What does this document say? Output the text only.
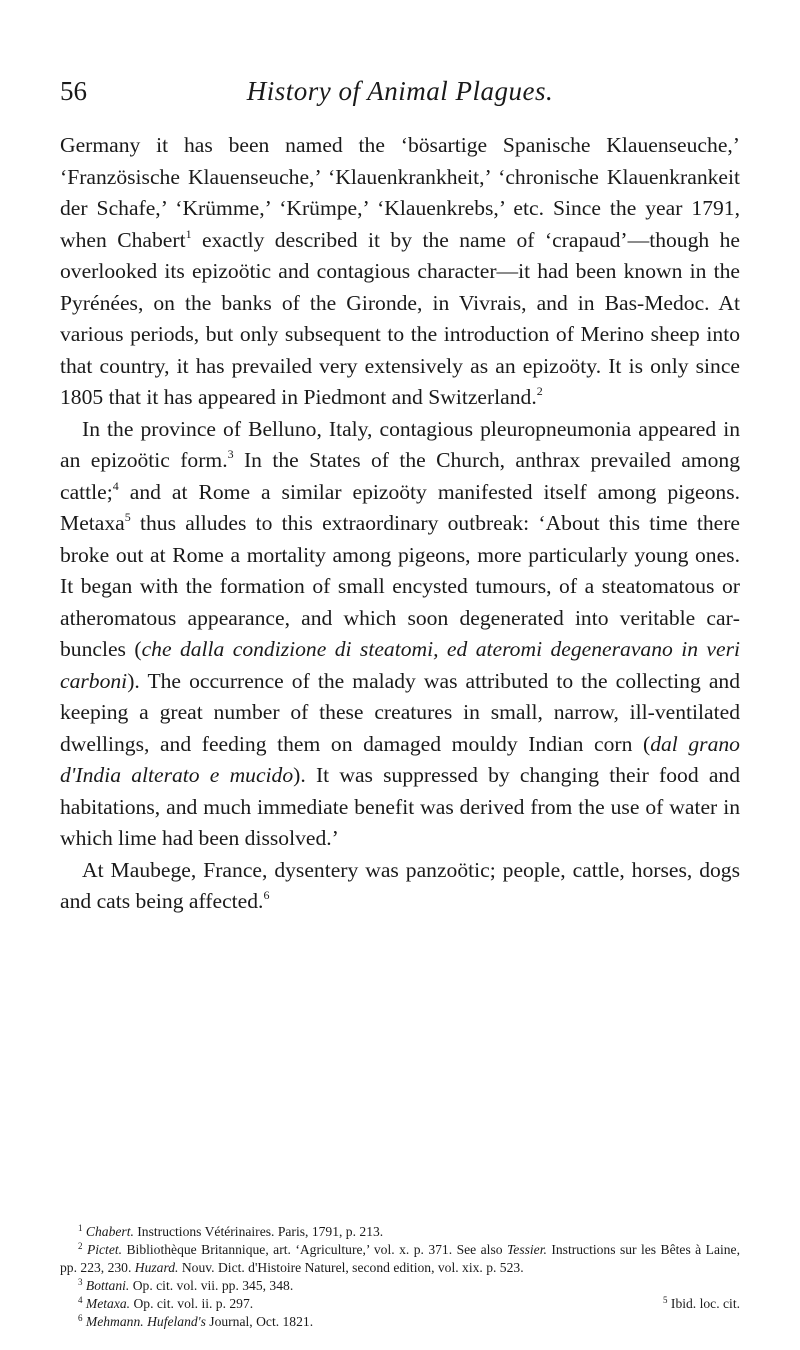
56	History of Animal Plagues.

Germany it has been named the ‘bösartige Spanische Klauenseuche,’ ‘Französische Klauenseuche,’ ‘Klauenkrankheit,’ ‘chronische Klauenkrankeit der Schafe,’ ‘Krümme,’ ‘Krümpe,’ ‘Klauenkrebs,’ etc. Since the year 1791, when Chabert$^1$ exactly described it by the name of ‘crapaud’—though he overlooked its epizoötic and contagious character—it had been known in the Pyrénées, on the banks of the Gironde, in Vivrais, and in Bas-Medoc. At various periods, but only subsequent to the introduction of Merino sheep into that country, it has prevailed very extensively as an epizoöty. It is only since 1805 that it has appeared in Piedmont and Switzerland.$^2$

In the province of Belluno, Italy, contagious pleuropneumonia appeared in an epizoötic form.$^3$ In the States of the Church, anthrax prevailed among cattle;$^4$ and at Rome a similar epizoöty manifested itself among pigeons. Metaxa$^5$ thus alludes to this extraordinary outbreak: ‘About this time there broke out at Rome a mortality among pigeons, more particularly young ones. It began with the formation of small encysted tumours, of a steatomatous or atheromatous appearance, and which soon degenerated into veritable carbuncles (che dalla condizione di steatomi, ed ateromi degeneravano in veri carboni). The occurrence of the malady was attributed to the collecting and keeping a great number of these creatures in small, narrow, ill-ventilated dwellings, and feeding them on damaged mouldy Indian corn (dal grano d'India alterato e mucido). It was suppressed by changing their food and habitations, and much immediate benefit was derived from the use of water in which lime had been dissolved.’

At Maubege, France, dysentery was panzoötic; people, cattle, horses, dogs and cats being affected.$^6$

$^1$ Chabert. Instructions Vétérinaires. Paris, 1791, p. 213.
$^2$ Pictet. Bibliothèque Britannique, art. ‘Agriculture,’ vol. x. p. 371. See also Tessier. Instructions sur les Bêtes à Laine, pp. 223, 230. Huzard. Nouv. Dict. d'Histoire Naturel, second edition, vol. xix. p. 523.
$^3$ Bottani. Op. cit. vol. vii. pp. 345, 348.
$^4$ Metaxa. Op. cit. vol. ii. p. 297.	$^5$ Ibid. loc. cit.
$^6$ Mehmann. Hufeland's Journal, Oct. 1821.
